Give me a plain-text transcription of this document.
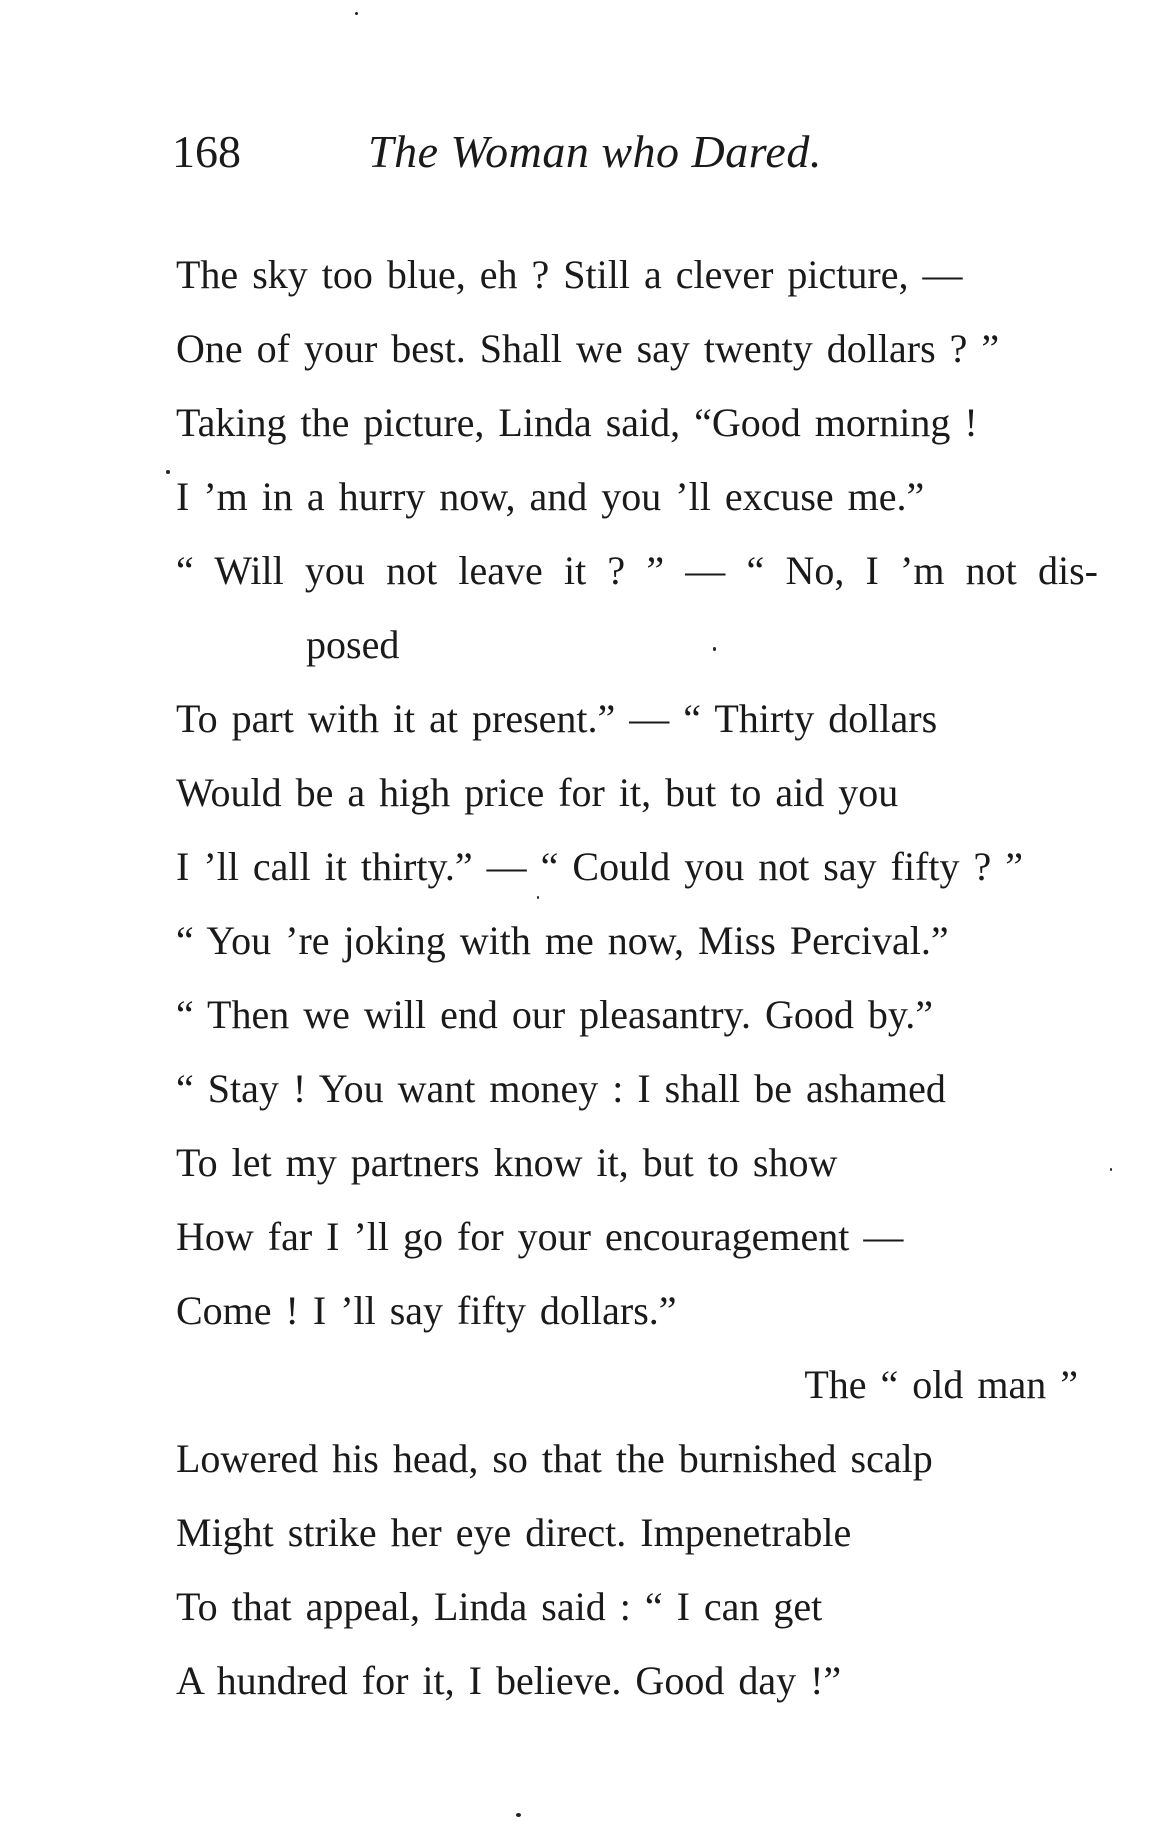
168	The Woman who Dared.
The sky too blue, eh ? Still a clever picture, —
One of your best. Shall we say twenty dollars ? ”
Taking the picture, Linda said, “Good morning !
I ’m in a hurry now, and you ’ll excuse me.”
“ Will you not leave it ? ” — “ No, I ’m not dis-
posed
To part with it at present.” — “ Thirty dollars
Would be a high price for it, but to aid you
I ’ll call it thirty.” — “ Could you not say fifty ? ”
“ You ’re joking with me now, Miss Percival.”
“ Then we will end our pleasantry. Good by.”
“ Stay ! You want money : I shall be ashamed
To let my partners know it, but to show
How far I ’ll go for your encouragement —
Come ! I ’ll say fifty dollars.”
The “ old man ”
Lowered his head, so that the burnished scalp
Might strike her eye direct. Impenetrable
To that appeal, Linda said : “ I can get
A hundred for it, I believe. Good day !”
